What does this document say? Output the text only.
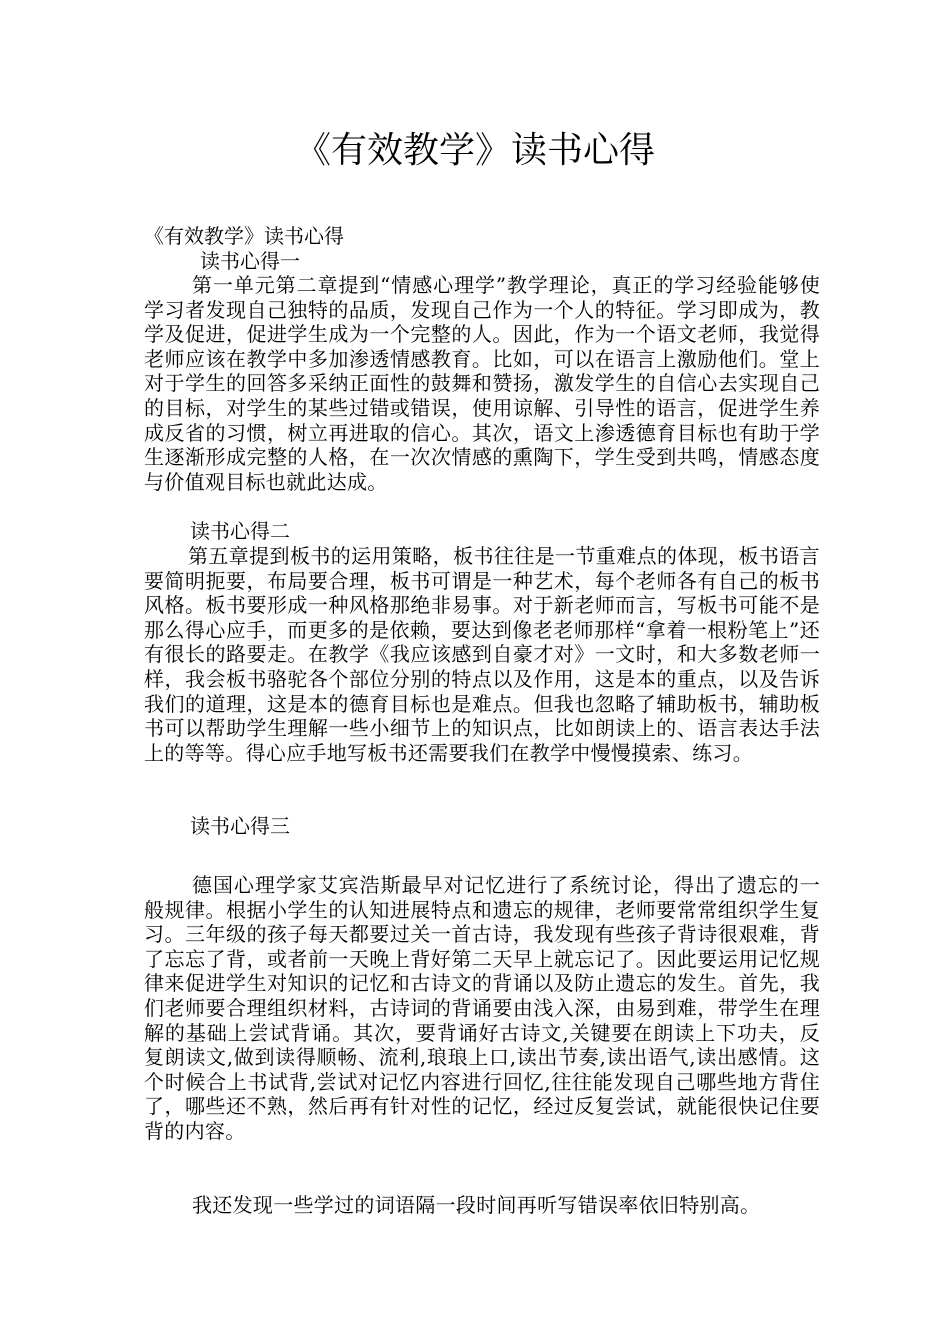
《有效教学》读书心得

《有效教学》读书心得

读书心得一

第一单元第二章提到“情感心理学”教学理论，真正的学习经验能够使学习者发现自己独特的品质，发现自己作为一个人的特征。学习即成为，教学及促进，促进学生成为一个完整的人。因此，作为一个语文老师，我觉得老师应该在教学中多加渗透情感教育。比如，可以在语言上激励他们。堂上对于学生的回答多采纳正面性的鼓舞和赞扬，激发学生的自信心去实现自己的目标，对学生的某些过错或错误，使用谅解、引导性的语言，促进学生养成反省的习惯，树立再进取的信心。其次，语文上渗透德育目标也有助于学生逐渐形成完整的人格，在一次次情感的熏陶下，学生受到共鸣，情感态度与价值观目标也就此达成。

读书心得二

第五章提到板书的运用策略，板书往往是一节重难点的体现，板书语言要简明扼要，布局要合理，板书可谓是一种艺术，每个老师各有自己的板书风格。板书要形成一种风格那绝非易事。对于新老师而言，写板书可能不是那么得心应手，而更多的是依赖，要达到像老老师那样“拿着一根粉笔上”还有很长的路要走。在教学《我应该感到自豪才对》一文时，和大多数老师一样，我会板书骆驼各个部位分别的特点以及作用，这是本的重点，以及告诉我们的道理，这是本的德育目标也是难点。但我也忽略了辅助板书，辅助板书可以帮助学生理解一些小细节上的知识点，比如朗读上的、语言表达手法上的等等。得心应手地写板书还需要我们在教学中慢慢摸索、练习。

读书心得三

德国心理学家艾宾浩斯最早对记忆进行了系统讨论，得出了遗忘的一般规律。根据小学生的认知进展特点和遗忘的规律，老师要常常组织学生复习。三年级的孩子每天都要过关一首古诗，我发现有些孩子背诗很艰难，背了忘忘了背，或者前一天晚上背好第二天早上就忘记了。因此要运用记忆规律来促进学生对知识的记忆和古诗文的背诵以及防止遗忘的发生。首先，我们老师要合理组织材料，古诗词的背诵要由浅入深，由易到难，带学生在理解的基础上尝试背诵。其次，要背诵好古诗文,关键要在朗读上下功夫，反复朗读文,做到读得顺畅、流利,琅琅上口,读出节奏,读出语气,读出感情。这个时候合上书试背,尝试对记忆内容进行回忆,往往能发现自己哪些地方背住了，哪些还不熟，然后再有针对性的记忆，经过反复尝试，就能很快记住要背的内容。

我还发现一些学过的词语隔一段时间再听写错误率依旧特别高。
